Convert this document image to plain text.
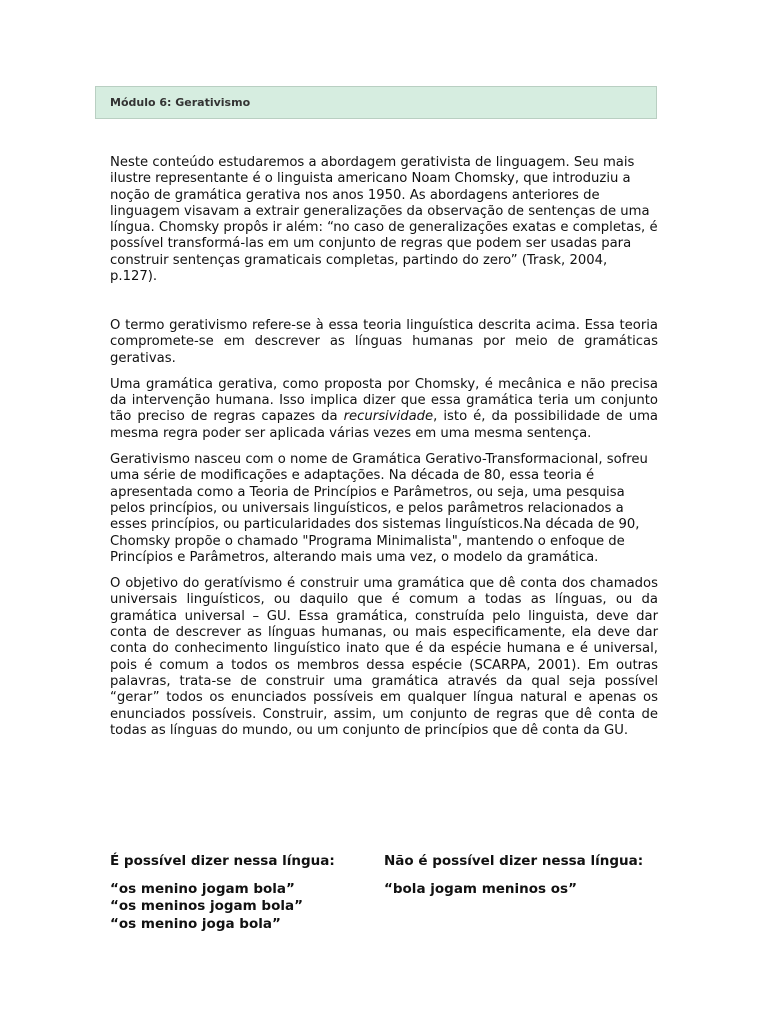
Módulo 6: Gerativismo

Neste conteúdo estudaremos a abordagem gerativista de linguagem. Seu mais ilustre representante é o linguista americano Noam Chomsky, que introduziu a noção de gramática gerativa nos anos 1950. As abordagens anteriores de linguagem visavam a extrair generalizações da observação de sentenças de uma língua. Chomsky propôs ir além: “no caso de generalizações exatas e completas, é possível transformá-las em um conjunto de regras que podem ser usadas para construir sentenças gramaticais completas, partindo do zero” (Trask, 2004, p.127).

O termo gerativismo refere-se à essa teoria linguística descrita acima. Essa teoria compromete-se em descrever as línguas humanas por meio de gramáticas gerativas.

Uma gramática gerativa, como proposta por Chomsky, é mecânica e não precisa da intervenção humana. Isso implica dizer que essa gramática teria um conjunto tão preciso de regras capazes da recursividade, isto é, da possibilidade de uma mesma regra poder ser aplicada várias vezes em uma mesma sentença.

Gerativismo nasceu com o nome de Gramática Gerativo-Transformacional, sofreu uma série de modificações e adaptações. Na década de 80, essa teoria é apresentada como a Teoria de Princípios e Parâmetros, ou seja, uma pesquisa pelos princípios, ou universais linguísticos, e pelos parâmetros relacionados a esses princípios, ou particularidades dos sistemas linguísticos.Na década de 90, Chomsky propõe o chamado "Programa Minimalista", mantendo o enfoque de Princípios e Parâmetros, alterando mais uma vez, o modelo da gramática.

O objetivo do geratívismo é construir uma gramática que dê conta dos chamados universais linguísticos, ou daquilo que é comum a todas as línguas, ou da gramática universal – GU. Essa gramática, construída pelo linguista, deve dar conta de descrever as línguas humanas, ou mais especificamente, ela deve dar conta do conhecimento linguístico inato que é da espécie humana e é universal, pois é comum a todos os membros dessa espécie (SCARPA, 2001). Em outras palavras, trata-se de construir uma gramática através da qual seja possível “gerar” todos os enunciados possíveis em qualquer língua natural e apenas os enunciados possíveis. Construir, assim, um conjunto de regras que dê conta de todas as línguas do mundo, ou um conjunto de princípios que dê conta da GU.

É possível dizer nessa língua:
“os menino jogam bola”
“os meninos jogam bola”
“os menino joga bola”
Não é possível dizer nessa língua:
“bola jogam meninos os”
